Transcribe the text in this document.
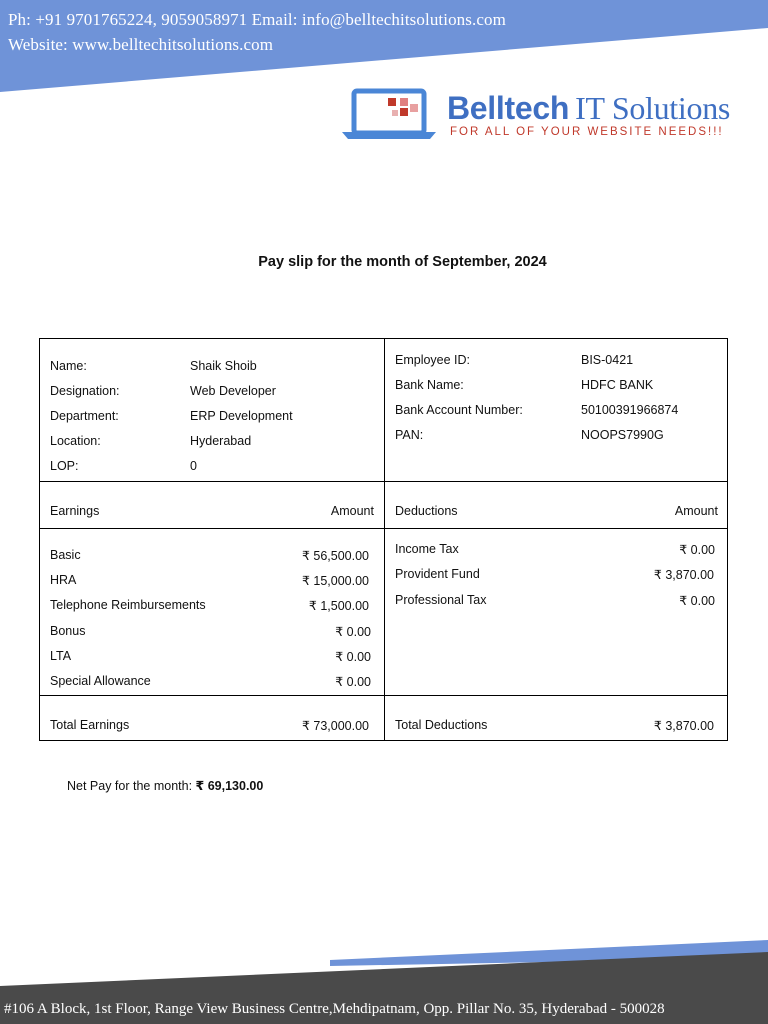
Ph: +91 9701765224, 9059058971 Email: info@belltechitsolutions.com
Website: www.belltechitsolutions.com
Belltech IT Solutions
FOR ALL OF YOUR WEBSITE NEEDS!!!
Pay slip for the month of September, 2024
Name:	Shaik Shoib
Designation:	Web Developer
Department:	ERP Development
Location:	Hyderabad
LOP:	0
Employee ID:	BIS-0421
Bank Name:	HDFC BANK
Bank Account Number:	50100391966874
PAN:	NOOPS7990G
Earnings	Amount Deductions	Amount
Basic	₹ 56,500.00
HRA	₹ 15,000.00
Telephone Reimbursements	₹ 1,500.00
Bonus	₹ 0.00
LTA	₹ 0.00
Special Allowance	₹ 0.00
Income Tax	₹ 0.00
Provident Fund	₹ 3,870.00
Professional Tax	₹ 0.00
Total Earnings	₹ 73,000.00 Total Deductions	₹ 3,870.00
Net Pay for the month: ₹ 69,130.00
#106 A Block, 1st Floor, Range View Business Centre,Mehdipatnam, Opp. Pillar No. 35, Hyderabad - 500028
